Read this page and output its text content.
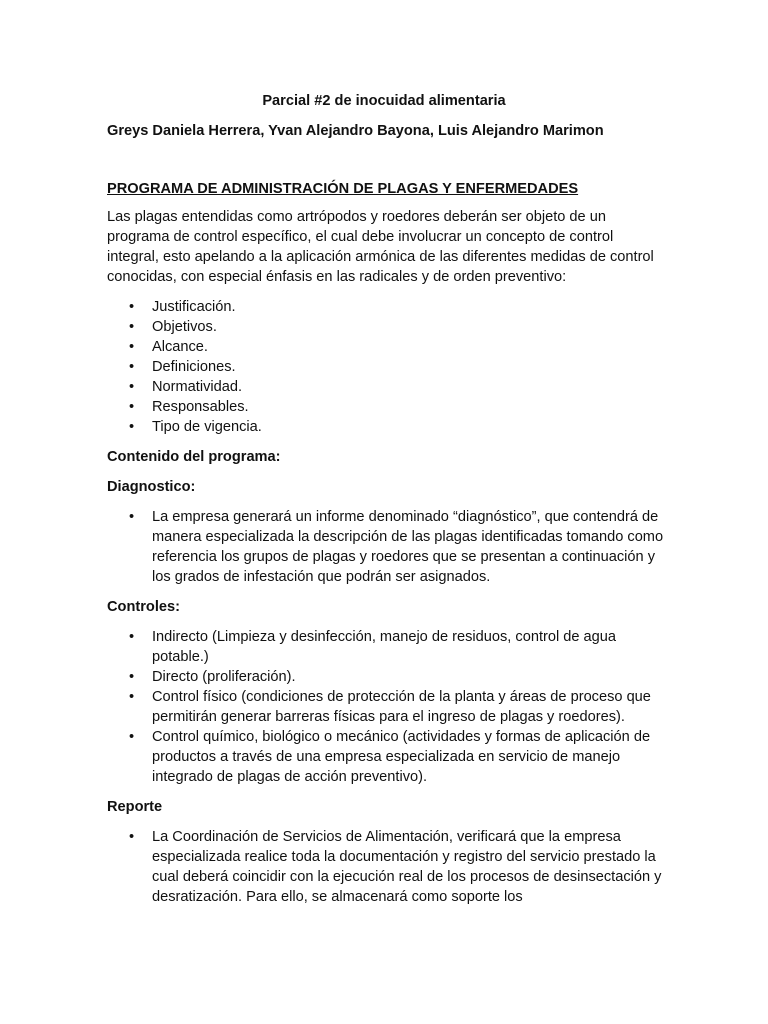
Parcial #2 de inocuidad alimentaria

Greys Daniela Herrera, Yvan Alejandro Bayona, Luis Alejandro Marimon

PROGRAMA DE ADMINISTRACIÓN DE PLAGAS Y ENFERMEDADES

Las plagas entendidas como artrópodos y roedores deberán ser objeto de un programa de control específico, el cual debe involucrar un concepto de control integral, esto apelando a la aplicación armónica de las diferentes medidas de control conocidas, con especial énfasis en las radicales y de orden preventivo:

• Justificación.
• Objetivos.
• Alcance.
• Definiciones.
• Normatividad.
• Responsables.
• Tipo de vigencia.

Contenido del programa:

Diagnostico:

• La empresa generará un informe denominado “diagnóstico”, que contendrá de manera especializada la descripción de las plagas identificadas tomando como referencia los grupos de plagas y roedores que se presentan a continuación y los grados de infestación que podrán ser asignados.

Controles:

• Indirecto (Limpieza y desinfección, manejo de residuos, control de agua potable.)
• Directo (proliferación).
• Control físico (condiciones de protección de la planta y áreas de proceso que permitirán generar barreras físicas para el ingreso de plagas y roedores).
• Control químico, biológico o mecánico (actividades y formas de aplicación de productos a través de una empresa especializada en servicio de manejo integrado de plagas de acción preventivo).

Reporte

• La Coordinación de Servicios de Alimentación, verificará que la empresa especializada realice toda la documentación y registro del servicio prestado la cual deberá coincidir con la ejecución real de los procesos de desinsectación y desratización. Para ello, se almacenará como soporte los
